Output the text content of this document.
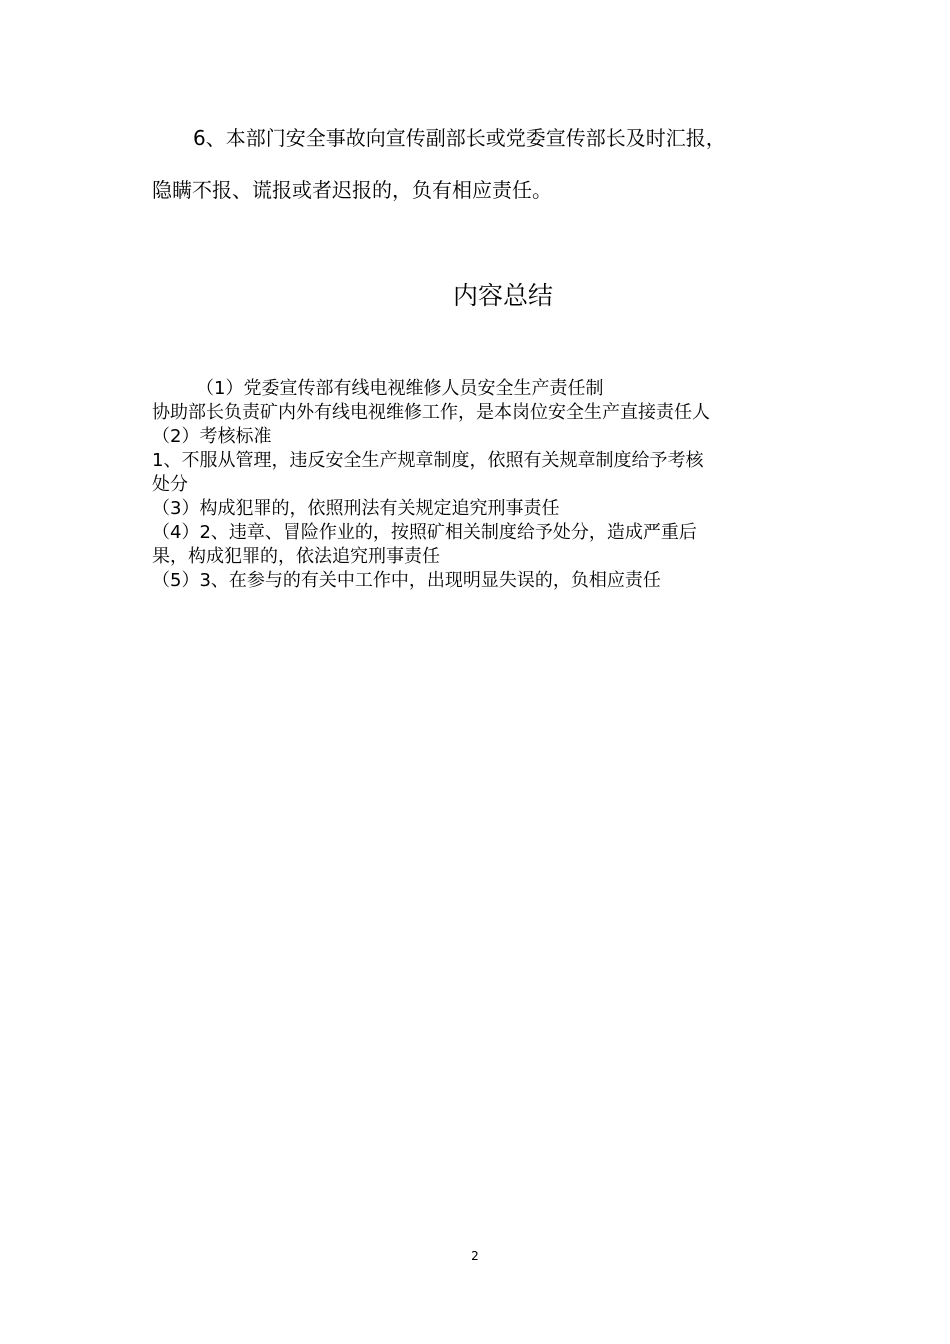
6、本部门安全事故向宣传副部长或党委宣传部长及时汇报，
隐瞒不报、谎报或者迟报的，负有相应责任。
内容总结
（1）党委宣传部有线电视维修人员安全生产责任制
协助部长负责矿内外有线电视维修工作，是本岗位安全生产直接责任人
（2）考核标准
1、不服从管理，违反安全生产规章制度，依照有关规章制度给予考核
处分
（3）构成犯罪的，依照刑法有关规定追究刑事责任
（4）2、违章、冒险作业的，按照矿相关制度给予处分，造成严重后
果，构成犯罪的，依法追究刑事责任
（5）3、在参与的有关中工作中，出现明显失误的，负相应责任
2
